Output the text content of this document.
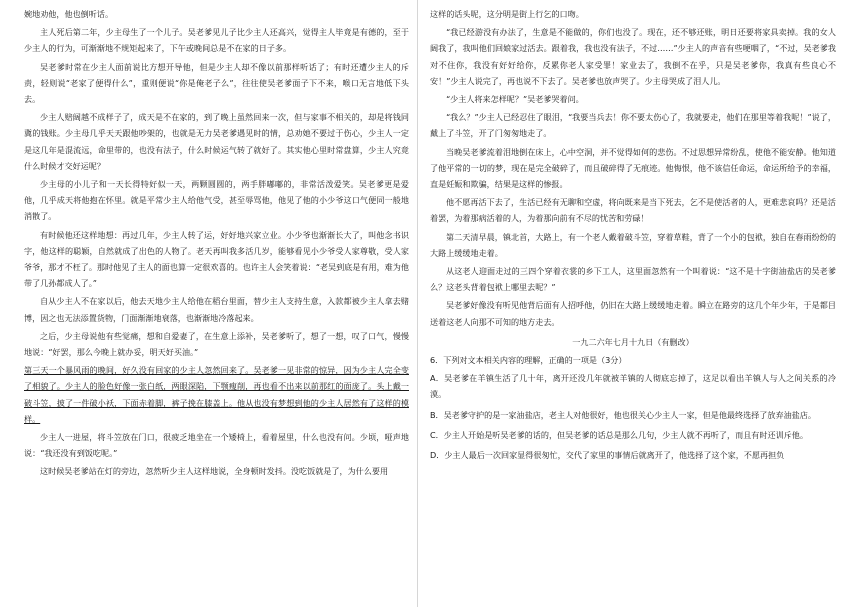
婉地劝他，他也倒听话。

主人死后第二年，少主母生了一个儿子。吴老爹见儿子比少主人还高兴，觉得主人毕竟是有德的，至于少主人的行为，可渐渐地不规矩起来了，下午或晚间总是不在家的日子多。

吴老爹时常在少主人面前说比方想开导他，但是少主人却不像以前那样听话了；有时还遭少主人的斥责，轻则说“老家了便得什么”，重则便说“你是俺老子么”，往往使吴老爹面子下不来，喉口无言地低下头去。

少主人赔阔越不成样子了，成天是不在家的，到了晚上虽然回来一次，但与家事不相关的，却是将钱同冀的钱账。少主母几乎天天跟他吵架的，也就是无力吴老爹遇见时的情，总劝她不要过于伤心，少主人一定是这几年是混流远，命里带的，也没有法子，什么时候运气转了就好了。其实他心里时常盘算，少主人究竟什么时候才交好运呢？

少主母的小儿子和一天长得特好似一天，两颗圆圆的，两手胖嘟嘟的，非常活泼爱笑。吴老爹更是爱他，几乎成天将他抱在怀里。就是平常少主人给他气受，甚至辱骂他，他见了他的小少爷这口气便同一般地消散了。

有时候他还这样地想：再过几年，少主人转了运，好好地兴家立业。小少爷也渐渐长大了，叫他念书识字，他这样的聪颖，自然就成了出色的人物了。老天再叫我多活几岁，能够看见小少爷受人家尊敬，受人家爷爷，那才不枉了。那时他见了主人的面也算一定很欢喜的。也许主人会笑着说：“老吴到底是有用，难为他带了几孙都成人了。”

自从少主人不在家以后，他去天地少主人给他在稻台里面，替少主人支持生意，入款都被少主人拿去赌博，因之也无法添置货物，门面渐渐地衰落，也渐渐地冷落起来。

之后，少主母说他有些觉痛，想和自爱妻了，在生意上添补，吴老爹听了，想了一想，叹了口气，慢慢地说：“好罢，那么今晚上就办妥，明天好买油。”

第三天一个暴风雨的晚间，好久没有回家的少主人忽然回来了。吴老爹一见非常的惊异，因为少主人完全变了相貌了。少主人的脸色好像一张白纸，两眼深陷，下颚瘦削，再也看不出来以前那红的面庞了。头上戴一破斗笠，披了一件破小袄，下面赤着脚，裤子挽在膝盖上。他从也没有梦想到他的少主人居然有了这样的模样。

少主人一进屋，将斗笠放在门口，很疲乏地坐在一个矮椅上，看着屋里，什么也没有问。少顷，哑声地说：“我还没有到饭吃呢。”

这时候吴老爹站在灯的旁边，忽然听少主人这样地说，全身顿时发抖。没吃饭就是了，为什么要用

这样的话头呢，这分明是街上行乞的口吻。

“我已经游没有办法了，生意是不能做的，你们也没了。现在，还不够还账，明日还要将家具卖掉。我的女人阔我了，我叫他们回娘家过活去。跟着我，我也没有法子，不过……”少主人的声音有些哽咽了，“不过，吴老爹我对不住你，我没有好好给你，反累你老人家受罪！家业去了，我倒不在乎，只是吴老爹你，我真有些良心不安！”少主人说完了，再也说不下去了。吴老爹也放声哭了。少主母哭成了泪人儿。

“少主人将来怎样呢？”吴老爹哭着问。

“我么？”少主人已经忍住了眼泪，“我要当兵去！你不要太伤心了，我就要走，他们在那里等着我呢！”说了，戴上了斗笠，开了门匆匆地走了。

当晚吴老爹流着泪地倒在床上，心中空洞，并不觉得如何的悲伤。不过思想异常纷乱，使他不能安静。他知道了他平常的一切的梦，现在是完全破碎了，而且破碎得了无痕迹。他悔恨，他不该信任命运，命运所给予的幸福，直是妊娠和欺骗，结果是这样的惨报。

他不愿再活下去了，生活已经有无聊和空虚，将向既来是当下死去，乞不是使活者的人，更难悲哀吗？还是活着罢，为着那病活着的人，为着那向前有不尽的忧苦和劳碌！

第二天清早晨，镇北首，大路上，有一个老人戴着破斗笠，穿着草鞋，背了一个小的包袱，独自在春雨纷纷的大路上缓缓地走着。

从这老人迎面走过的三四个穿着衣裳的乡下工人，这里面忽然有一个叫着说：“这不是十字街油盐店的吴老爹么？这老头背着包袱上哪里去呢？”

吴老爹好像没有听见他背后面有人招呼他，仍旧在大路上缓缓地走着。瞬立在路旁的这几个年少年，于是都目送着这老人向那不可知的地方走去。

一九二六年七月十九日（有删改）
6．下列对文本相关内容的理解，正确的一项是（3分）
A．吴老爹在羊镇生活了几十年，离开还没几年就被羊镇的人彻底忘掉了，这足以看出羊镇人与人之间关系的冷漠。
B．吴老爹守护的是一家油盐店，老主人对他很好，他也很关心少主人一家，但是他最终选择了放弃油盐店。
C．少主人开始是听吴老爹的话的，但吴老爹的话总是那么几句，少主人就不再听了，而且有时还训斥他。
D．少主人最后一次回家显得很匆忙，交代了家里的事情后就离开了，他选择了这个家，不愿再担负
